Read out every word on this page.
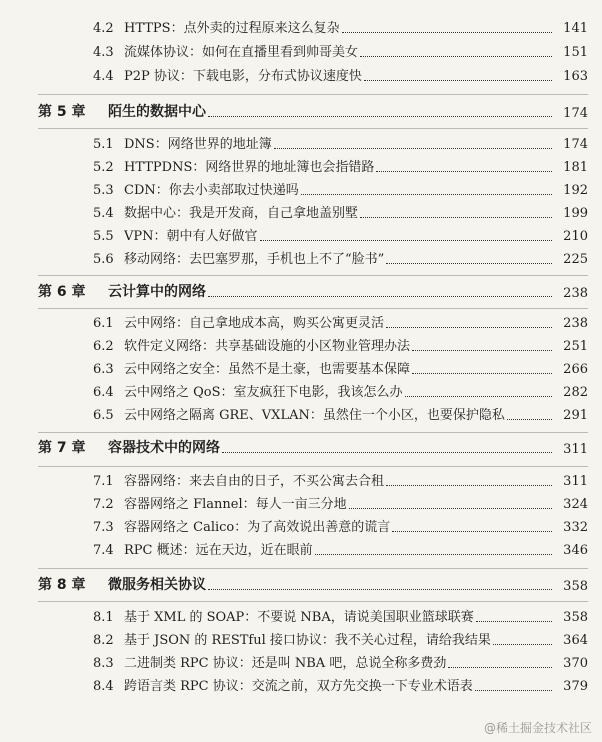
4.2 HTTPS：点外卖的过程原来这么复杂	141
4.3 流媒体协议：如何在直播里看到帅哥美女	151
4.4 P2P 协议：下载电影，分布式协议速度快	163
第 5 章 陌生的数据中心	174
5.1 DNS：网络世界的地址簿	174
5.2 HTTPDNS：网络世界的地址簿也会指错路	181
5.3 CDN：你去小卖部取过快递吗	192
5.4 数据中心：我是开发商，自己拿地盖别墅	199
5.5 VPN：朝中有人好做官	210
5.6 移动网络：去巴塞罗那，手机也上不了“脸书”	225
第 6 章 云计算中的网络	238
6.1 云中网络：自己拿地成本高，购买公寓更灵活	238
6.2 软件定义网络：共享基础设施的小区物业管理办法	251
6.3 云中网络之安全：虽然不是土豪，也需要基本保障	266
6.4 云中网络之 QoS：室友疯狂下电影，我该怎么办	282
6.5 云中网络之隔离 GRE、VXLAN：虽然住一个小区，也要保护隐私	291
第 7 章 容器技术中的网络	311
7.1 容器网络：来去自由的日子，不买公寓去合租	311
7.2 容器网络之 Flannel：每人一亩三分地	324
7.3 容器网络之 Calico：为了高效说出善意的谎言	332
7.4 RPC 概述：远在天边，近在眼前	346
第 8 章 微服务相关协议	358
8.1 基于 XML 的 SOAP：不要说 NBA，请说美国职业篮球联赛	358
8.2 基于 JSON 的 RESTful 接口协议：我不关心过程，请给我结果	364
8.3 二进制类 RPC 协议：还是叫 NBA 吧，总说全称多费劲	370
8.4 跨语言类 RPC 协议：交流之前，双方先交换一下专业术语表	379
@稀土掘金技术社区
